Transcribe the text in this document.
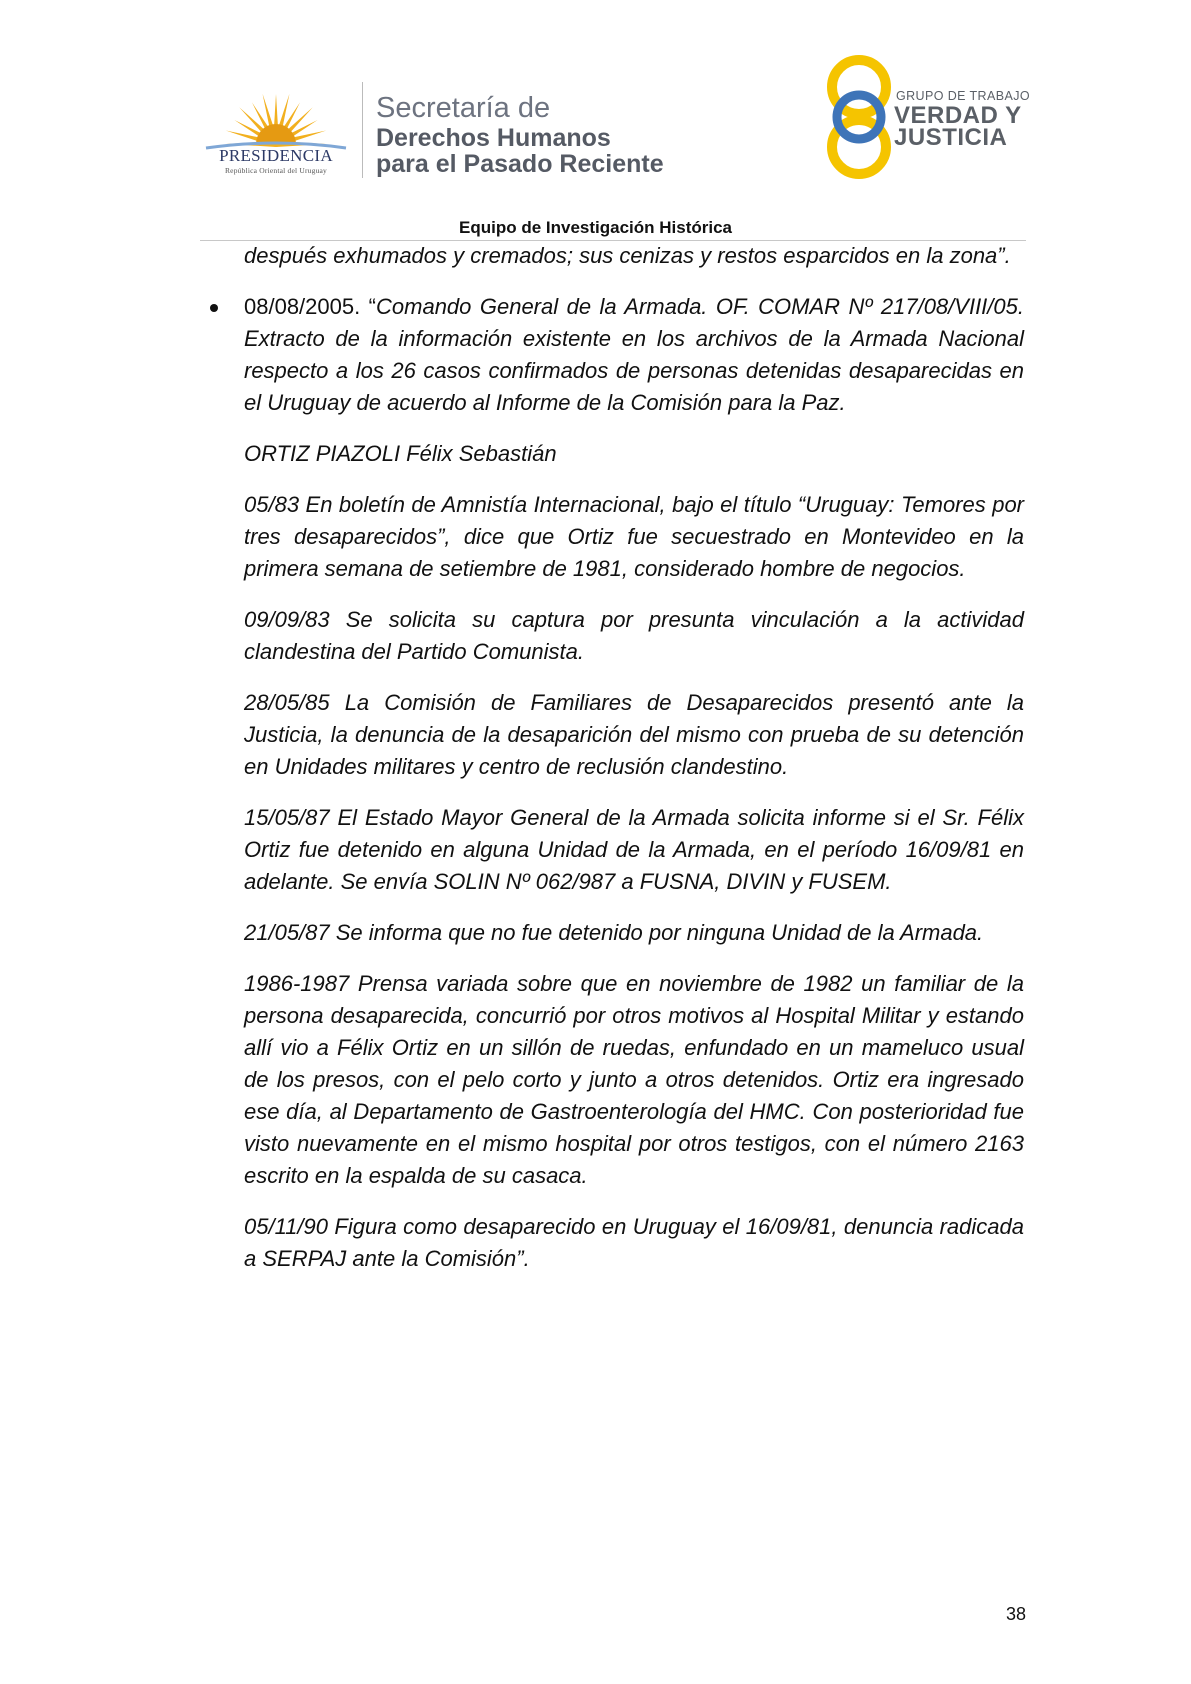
PRESIDENCIA
República Oriental del Uruguay
Secretaría de
Derechos Humanos
para el Pasado Reciente
GRUPO DE TRABAJO
VERDAD Y
JUSTICIA
Equipo de Investigación Histórica

después exhumados y cremados; sus cenizas y restos esparcidos en la zona”.

08/08/2005. “Comando General de la Armada. OF. COMAR Nº 217/08/VIII/05. Extracto de la información existente en los archivos de la Armada Nacional respecto a los 26 casos confirmados de personas detenidas desaparecidas en el Uruguay de acuerdo al Informe de la Comisión para la Paz.

ORTIZ PIAZOLI Félix Sebastián

05/83 En boletín de Amnistía Internacional, bajo el título “Uruguay: Temores por tres desaparecidos”, dice que Ortiz fue secuestrado en Montevideo en la primera semana de setiembre de 1981, considerado hombre de negocios.

09/09/83 Se solicita su captura por presunta vinculación a la actividad clandestina del Partido Comunista.

28/05/85 La Comisión de Familiares de Desaparecidos presentó ante la Justicia, la denuncia de la desaparición del mismo con prueba de su detención en Unidades militares y centro de reclusión clandestino.

15/05/87 El Estado Mayor General de la Armada solicita informe si el Sr. Félix Ortiz fue detenido en alguna Unidad de la Armada, en el período 16/09/81 en adelante. Se envía SOLIN Nº 062/987 a FUSNA, DIVIN y FUSEM.

21/05/87 Se informa que no fue detenido por ninguna Unidad de la Armada.

1986-1987 Prensa variada sobre que en noviembre de 1982 un familiar de la persona desaparecida, concurrió por otros motivos al Hospital Militar y estando allí vio a Félix Ortiz en un sillón de ruedas, enfundado en un mameluco usual de los presos, con el pelo corto y junto a otros detenidos. Ortiz era ingresado ese día, al Departamento de Gastroenterología del HMC. Con posterioridad fue visto nuevamente en el mismo hospital por otros testigos, con el número 2163 escrito en la espalda de su casaca.

05/11/90 Figura como desaparecido en Uruguay el 16/09/81, denuncia radicada a SERPAJ ante la Comisión”.

38
